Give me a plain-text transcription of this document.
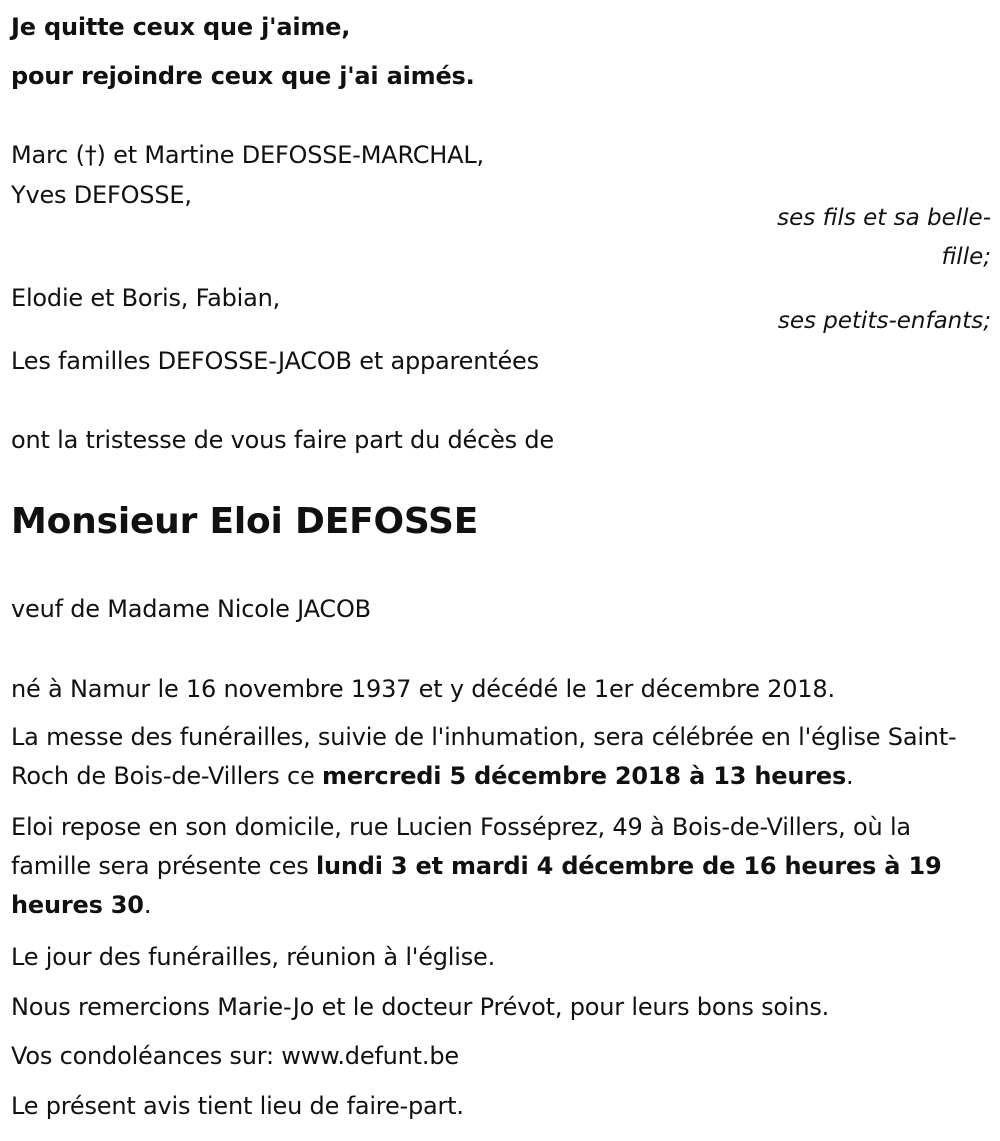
Je quitte ceux que j'aime,
pour rejoindre ceux que j'ai aimés.
Marc (†) et Martine DEFOSSE-MARCHAL,
Yves DEFOSSE,
ses fils et sa belle-
fille;
Elodie et Boris, Fabian,
ses petits-enfants;
Les familles DEFOSSE-JACOB et apparentées
ont la tristesse de vous faire part du décès de
Monsieur Eloi DEFOSSE
veuf de Madame Nicole JACOB
né à Namur le 16 novembre 1937 et y décédé le 1er décembre 2018.
La messe des funérailles, suivie de l'inhumation, sera célébrée en l'église Saint-Roch de Bois-de-Villers ce mercredi 5 décembre 2018 à 13 heures.
Eloi repose en son domicile, rue Lucien Fosséprez, 49 à Bois-de-Villers, où la famille sera présente ces lundi 3 et mardi 4 décembre de 16 heures à 19 heures 30.
Le jour des funérailles, réunion à l'église.
Nous remercions Marie-Jo et le docteur Prévot, pour leurs bons soins.
Vos condoléances sur: www.defunt.be
Le présent avis tient lieu de faire-part.
